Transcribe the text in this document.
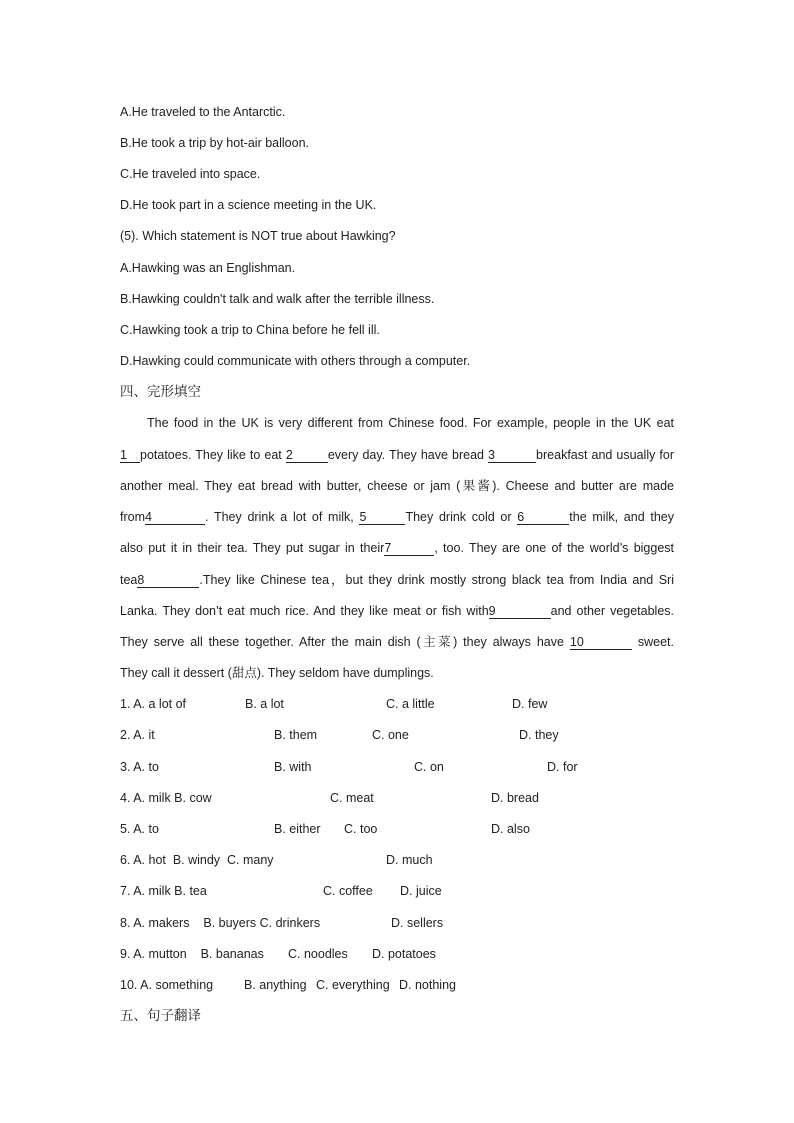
A.He traveled to the Antarctic.
B.He took a trip by hot-air balloon.
C.He traveled into space.
D.He took part in a science meeting in the UK.
(5). Which statement is NOT true about Hawking?
A.Hawking was an Englishman.
B.Hawking couldn't talk and walk after the terrible illness.
C.Hawking took a trip to China before he fell ill.
D.Hawking could communicate with others through a computer.
四、完形填空
The food in the UK is very different from Chinese food. For example, people in the UK eat
1 potatoes. They like to eat 2	every day. They have bread 3	breakfast and usually for
another meal. They eat bread with butter, cheese or jam (果酱). Cheese and butter are made
from4	. They drink a lot of milk, 5	They drink cold or 6	the milk, and they
also put it in their tea. They put sugar in their7	, too. They are one of the world’s biggest
tea8	.They like Chinese tea，but they drink mostly strong black tea from India and Sri
Lanka. They don’t eat much rice. And they like meat or fish with9	and other vegetables.
They serve all these together. After the main dish (主菜) they always have 10	sweet.
They call it dessert (甜点). They seldom have dumplings.
1. A. a lot of	B. a lot	C. a little	D. few
2. A. it	B. them	C. one	D. they
3. A. to	B. with	C. on	D. for
4. A. milk B. cow	C. meat	D. bread
5. A. to	B. either C. too	D. also
6. A. hot  B. windy  C. many	D. much
7. A. milk B. tea	C. coffee D. juice
8. A. makers    B. buyers C. drinkers	D. sellers
9. A. mutton    B. bananas C. noodles D. potatoes
10. A. something B. anything C. everything D. nothing
五、句子翻译
